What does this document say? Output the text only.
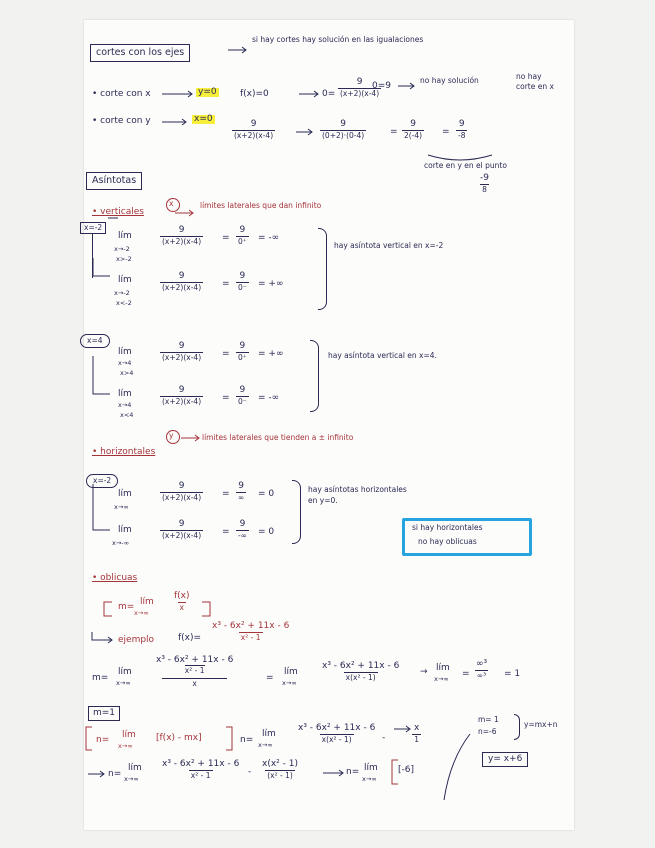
cortes con los ejes
si hay cortes hay solución en las igualaciones
• corte con x	y=0	f(x)=0	0=
9
(x+2)(x-4)
0=9
no hay solución	no hay corte en x
• corte con y	x=0	9
(x+2)(x-4)
9
(0+2)·(0-4)	=
9
2(-4) =
9
-8
corte en y en el punto
-9
8
Asíntotas
• verticales
x	límites laterales que dan infinito
x=-2
lím
x→-2
x>-2
9
(x+2)(x-4) =
9
0⁺ = -∞
lím
x→-2
x<-2
9
(x+2)(x-4) =
9
0⁻ = +∞
hay asíntota vertical en x=-2
x=4
lím
x→4
x>4
9
(x+2)(x-4) =
9
0⁺ = +∞
lím
x→4
x<4
9
(x+2)(x-4) =
9
0⁻ = -∞
hay asíntota vertical en x=4.
• horizontales
y	límites laterales que tienden a ± infinito
x=-2
lím
x→∞
9
(x+2)(x-4) =
9
∞ = 0
lím
x→-∞
9
(x+2)(x-4) =
9
-∞ = 0
hay asíntotas horizontales en y=0.
si hay horizontales
no hay oblicuas
• oblicuas
m= lím
x→∞
f(x)
x
ejemplo	f(x)=
x³ - 6x² + 11x - 6
x² - 1
m=
lím
x→∞
x³ - 6x² + 11x - 6
x² - 1
x	=
lím
x→∞
x³ - 6x² + 11x - 6
x(x² - 1)
→ lím
x→∞ =
∞³
∞³ = 1
m=1
n= lím
x→∞
[f(x) - mx]	n=
lím
x→∞
x³ - 6x² + 11x - 6
x(x² - 1)	-
x
1
n=
lím
x→∞
x³ - 6x² + 11x - 6
x² - 1	-
x(x² - 1)
(x² - 1)	n= lím
x→∞
[-6]
m= 1
n=-6
y=mx+n
y= x+6
